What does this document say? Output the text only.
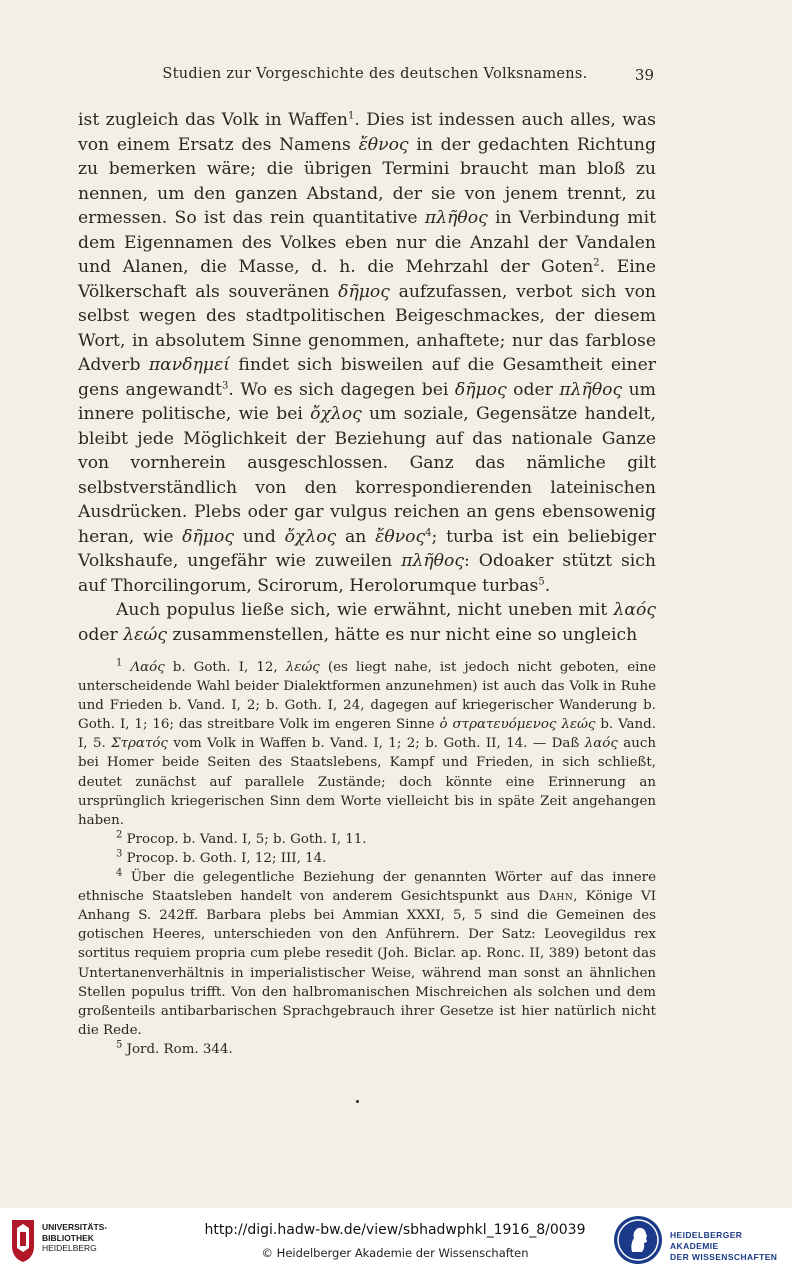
Studien zur Vorgeschichte des deutschen Volksnamens.	39

ist zugleich das Volk in Waffen$^1$. Dies ist indessen auch alles, was von einem Ersatz des Namens ἔθνος in der gedachten Richtung zu bemerken wäre; die übrigen Termini braucht man bloß zu nennen, um den ganzen Abstand, der sie von jenem trennt, zu ermessen. So ist das rein quantitative πλῆθος in Verbindung mit dem Eigennamen des Volkes eben nur die Anzahl der Vandalen und Alanen, die Masse, d. h. die Mehrzahl der Goten$^2$. Eine Völkerschaft als souveränen δῆμος aufzufassen, verbot sich von selbst wegen des stadtpolitischen Beigeschmackes, der diesem Wort, in absolutem Sinne genommen, anhaftete; nur das farblose Adverb πανδημεί findet sich bisweilen auf die Gesamtheit einer gens angewandt$^3$. Wo es sich dagegen bei δῆμος oder πλῆθος um innere politische, wie bei ὄχλος um soziale, Gegensätze handelt, bleibt jede Möglichkeit der Beziehung auf das nationale Ganze von vornherein ausgeschlossen. Ganz das nämliche gilt selbstverständlich von den korrespondierenden lateinischen Ausdrücken. Plebs oder gar vulgus reichen an gens ebensowenig heran, wie δῆμος und ὄχλος an ἔθνος$^4$; turba ist ein beliebiger Volkshaufe, ungefähr wie zuweilen πλῆθος: Odoaker stützt sich auf Thorcilingorum, Scirorum, Herolorumque turbas$^5$.

Auch populus ließe sich, wie erwähnt, nicht uneben mit λαός oder λεώς zusammenstellen, hätte es nur nicht eine so ungleich

$^1$ Λαός b. Goth. I, 12, λεώς (es liegt nahe, ist jedoch nicht geboten, eine unterscheidende Wahl beider Dialektformen anzunehmen) ist auch das Volk in Ruhe und Frieden b. Vand. I, 2; b. Goth. I, 24, dagegen auf kriegerischer Wanderung b. Goth. I, 1; 16; das streitbare Volk im engeren Sinne ὁ στρατευόμενος λεώς b. Vand. I, 5. Στρατός vom Volk in Waffen b. Vand. I, 1; 2; b. Goth. II, 14. — Daß λαός auch bei Homer beide Seiten des Staatslebens, Kampf und Frieden, in sich schließt, deutet zunächst auf parallele Zustände; doch könnte eine Erinnerung an ursprünglich kriegerischen Sinn dem Worte vielleicht bis in späte Zeit angehangen haben.

$^2$ Procop. b. Vand. I, 5; b. Goth. I, 11.

$^3$ Procop. b. Goth. I, 12; III, 14.

$^4$ Über die gelegentliche Beziehung der genannten Wörter auf das innere ethnische Staatsleben handelt von anderem Gesichtspunkt aus Dahn, Könige VI Anhang S. 242ff. Barbara plebs bei Ammian XXXI, 5, 5 sind die Gemeinen des gotischen Heeres, unterschieden von den Anführern. Der Satz: Leovegildus rex sortitus requiem propria cum plebe resedit (Joh. Biclar. ap. Ronc. II, 389) betont das Untertanenverhältnis in imperialistischer Weise, während man sonst an ähnlichen Stellen populus trifft. Von den halbromanischen Mischreichen als solchen und dem großenteils antibarbarischen Sprachgebrauch ihrer Gesetze ist hier natürlich nicht die Rede.

$^5$ Jord. Rom. 344.

UNIVERSITÄTS-
BIBLIOTHEK
HEIDELBERG
http://digi.hadw-bw.de/view/sbhadwphkl_1916_8/0039
© Heidelberger Akademie der Wissenschaften
HEIDELBERGER AKADEMIE
DER WISSENSCHAFTEN
